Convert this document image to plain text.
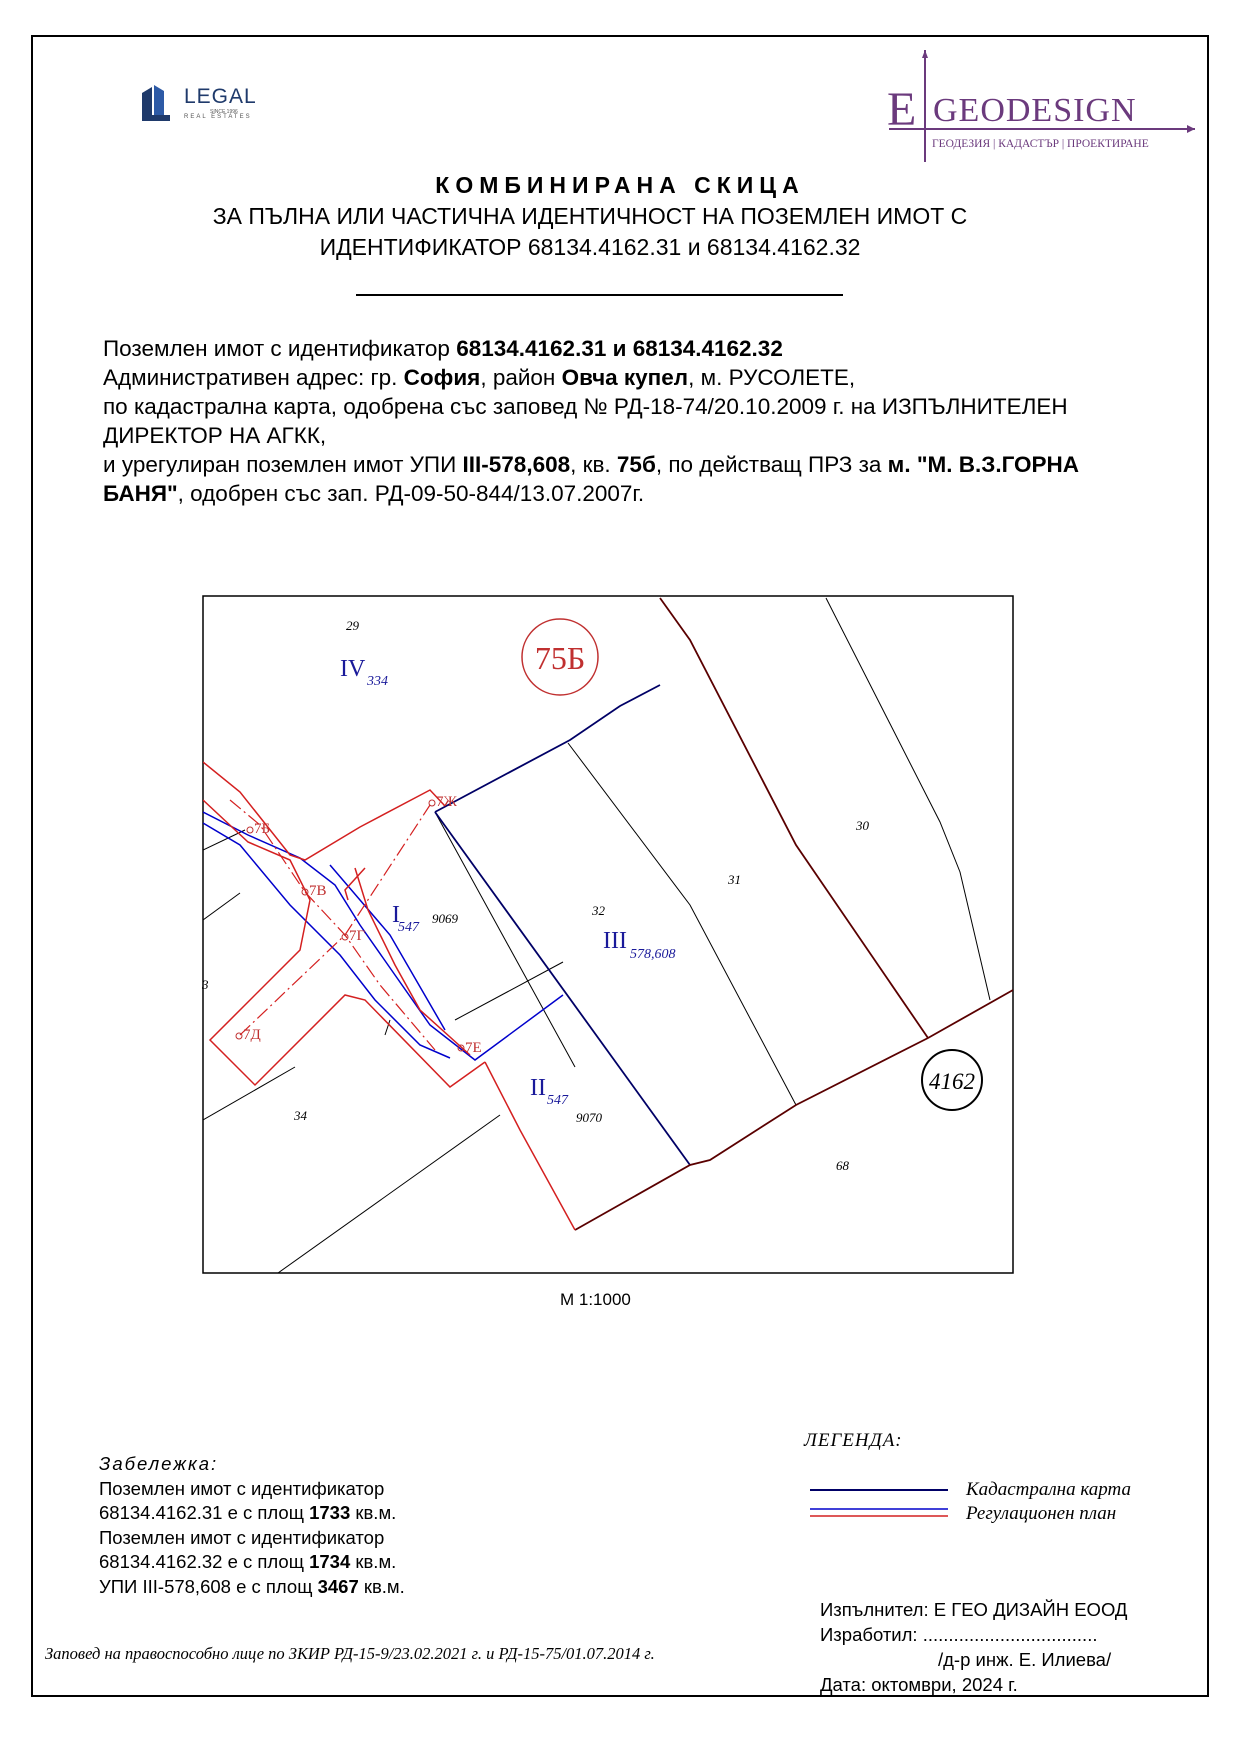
LEGAL
SINCE 1996
REAL ESTATES	E GEODESIGN
ГЕОДЕЗИЯ | КАДАСТЪР | ПРОЕКТИРАНЕ
КОМБИНИРАНА СКИЦА
ЗА ПЪЛНА ИЛИ ЧАСТИЧНА ИДЕНТИЧНОСТ НА ПОЗЕМЛЕН ИМОТ С
ИДЕНТИФИКАТОР 68134.4162.31 и 68134.4162.32
Поземлен имот с идентификатор 68134.4162.31 и 68134.4162.32
Административен адрес: гр. София, район Овча купел, м. РУСОЛЕТЕ,
по кадастрална карта, одобрена със заповед № РД-18-74/20.10.2009 г. на ИЗПЪЛНИТЕЛЕН
ДИРЕКТОР НА АГКК,
и урегулиран поземлен имот УПИ III-578,608, кв. 75б, по действащ ПРЗ за м. "М. В.З.ГОРНА
БАНЯ", одобрен със зап. РД-09-50-844/13.07.2007г.
75Б
4162
29
30
31
32
34
68
9069
9070
3
IV 334
I
547
III
578,608
II 547
7Б
7В
7Г
7Д
7Е
7Ж
М 1:1000
Забележка:
Поземлен имот с идентификатор
68134.4162.31 е с площ 1733 кв.м.
Поземлен имот с идентификатор
68134.4162.32 е с площ 1734 кв.м.
УПИ III-578,608 е с площ 3467 кв.м.
ЛЕГЕНДА:
Кадастрална карта
Регулационен план
Изпълнител: Е ГЕО ДИЗАЙН ЕООД
Изработил: ..................................
/д-р инж. Е. Илиева/
Дата: октомври, 2024 г.
Заповед на правоспособно лице по ЗКИР РД-15-9/23.02.2021 г. и РД-15-75/01.07.2014 г.
